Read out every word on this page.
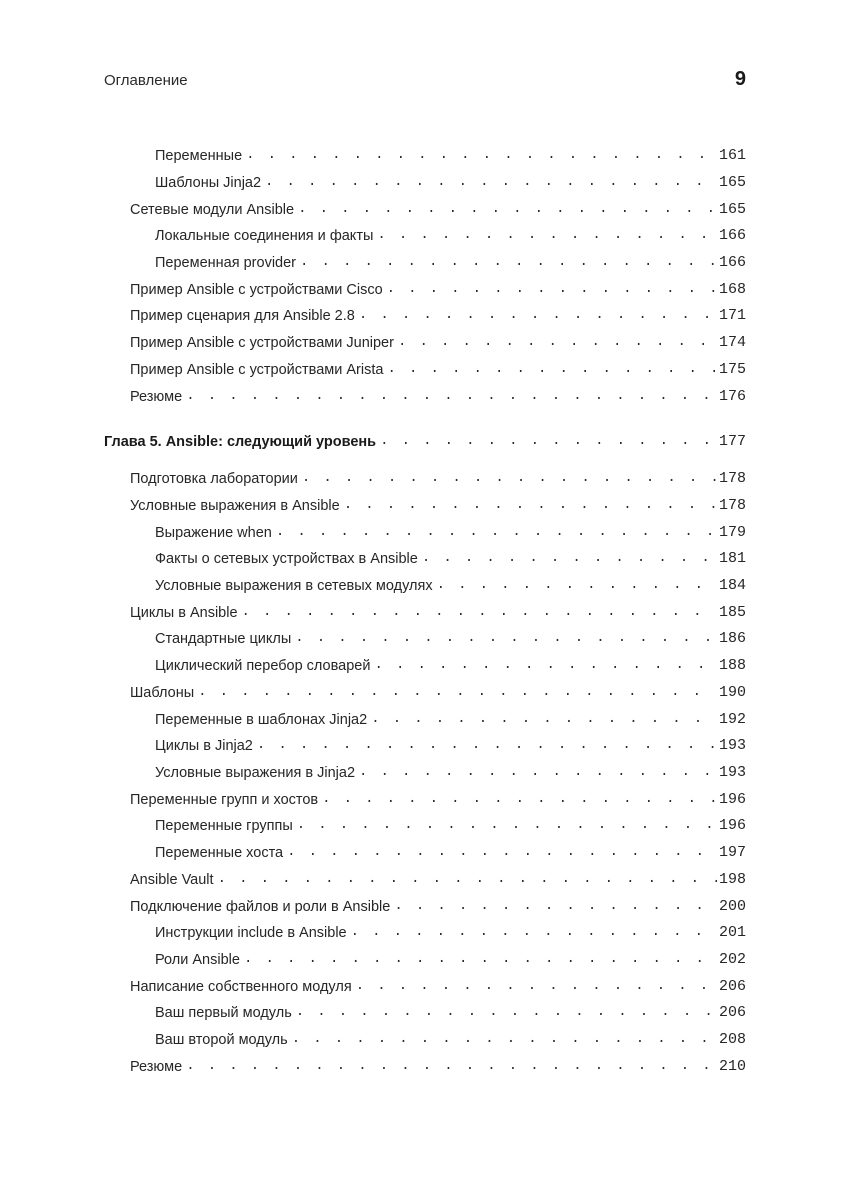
Оглавление	9
Переменные . . .	161
Шаблоны Jinja2 . . .	165
Сетевые модули Ansible . . .	165
Локальные соединения и факты . . .	166
Переменная provider . . .	166
Пример Ansible с устройствами Cisco . . .	168
Пример сценария для Ansible 2.8 . . .	171
Пример Ansible с устройствами Juniper . . .	174
Пример Ansible с устройствами Arista . . .	175
Резюме . . .	176
Глава 5. Ansible: следующий уровень . . .	177
Подготовка лаборатории . . .	178
Условные выражения в Ansible . . .	178
Выражение when . . .	179
Факты о сетевых устройствах в Ansible . . .	181
Условные выражения в сетевых модулях . . .	184
Циклы в Ansible . . .	185
Стандартные циклы . . .	186
Циклический перебор словарей . . .	188
Шаблоны . . .	190
Переменные в шаблонах Jinja2 . . .	192
Циклы в Jinja2 . . .	193
Условные выражения в Jinja2 . . .	193
Переменные групп и хостов . . .	196
Переменные группы . . .	196
Переменные хоста . . .	197
Ansible Vault . . .	198
Подключение файлов и роли в Ansible . . .	200
Инструкции include в Ansible . . .	201
Роли Ansible . . .	202
Написание собственного модуля . . .	206
Ваш первый модуль . . .	206
Ваш второй модуль . . .	208
Резюме . . .	210
